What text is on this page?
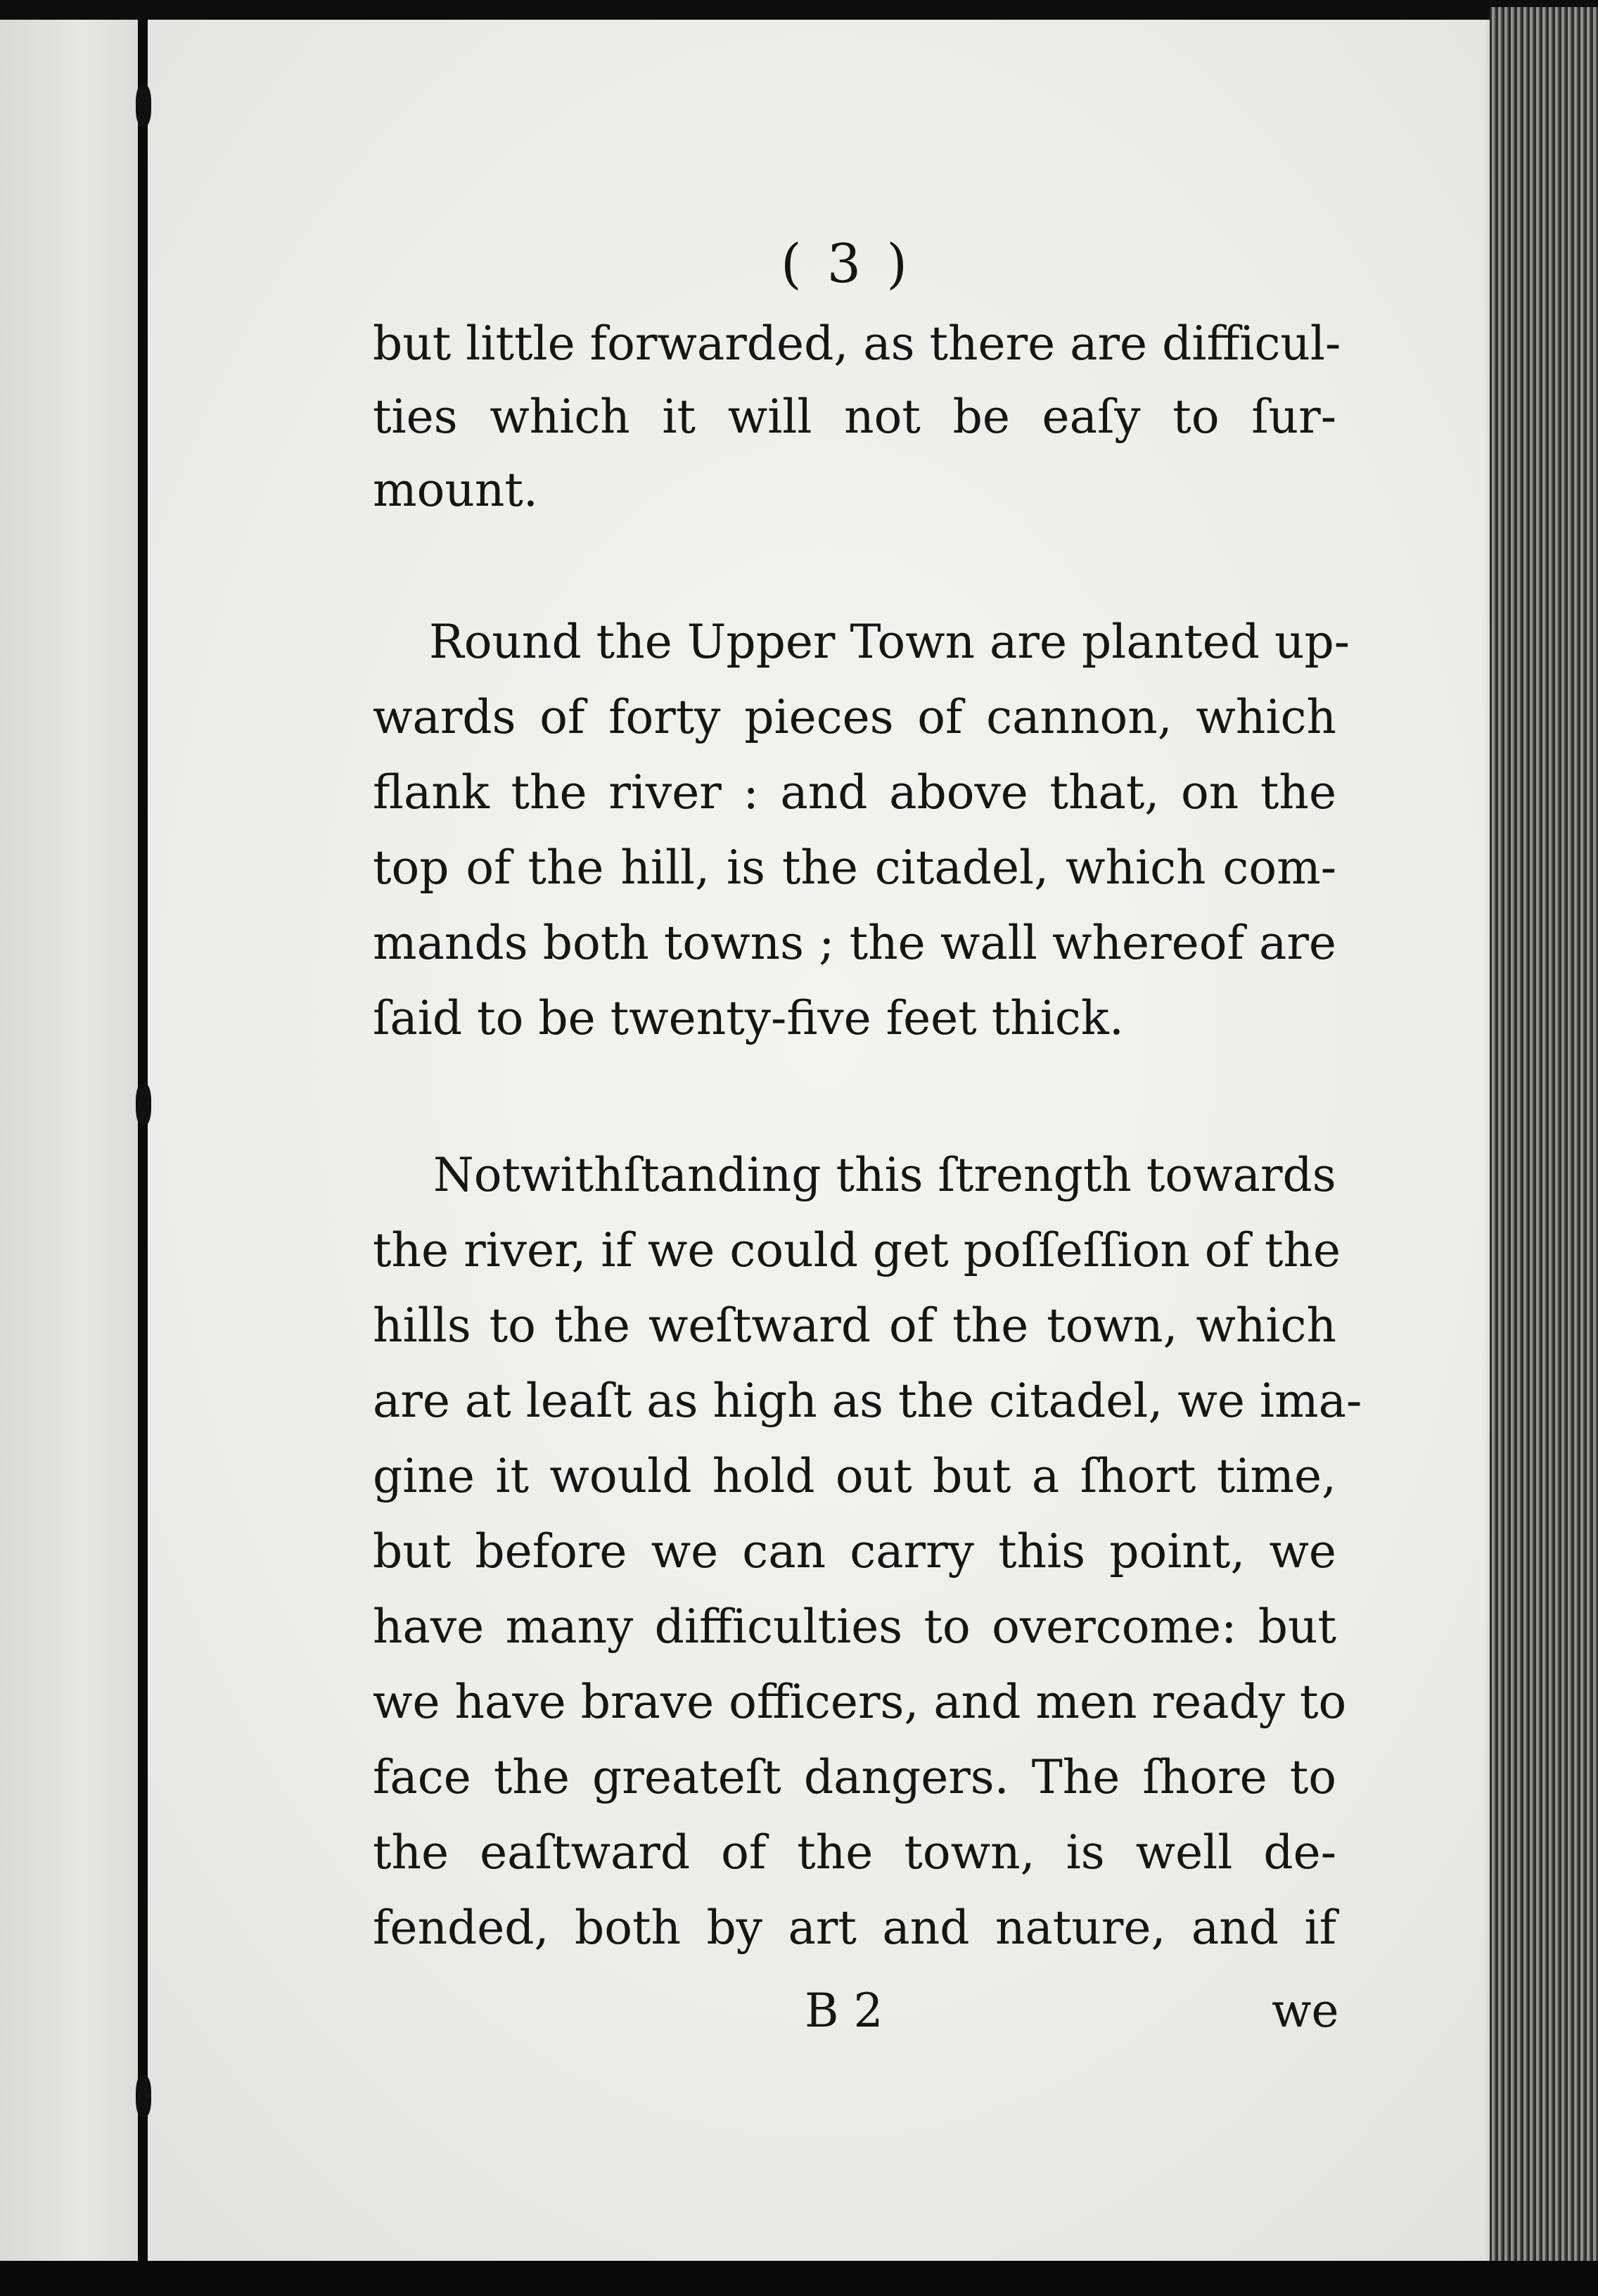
( 3 )
but little forwarded, as there are difficul-
ties which it will not be eaſy to ſur-
mount.
Round the Upper Town are planted up-
wards of forty pieces of cannon, which
flank the river : and above that, on the
top of the hill, is the citadel, which com-
mands both towns ; the wall whereof are
ſaid to be twenty-five feet thick.
Notwithſtanding this ſtrength towards
the river, if we could get poſſeſſion of the
hills to the weſtward of the town, which
are at leaſt as high as the citadel, we ima-
gine it would hold out but a ſhort time,
but before we can carry this point, we
have many difficulties to overcome: but
we have brave officers, and men ready to
face the greateſt dangers. The ſhore to
the eaſtward of the town, is well de-
fended, both by art and nature, and if
B 2	we
